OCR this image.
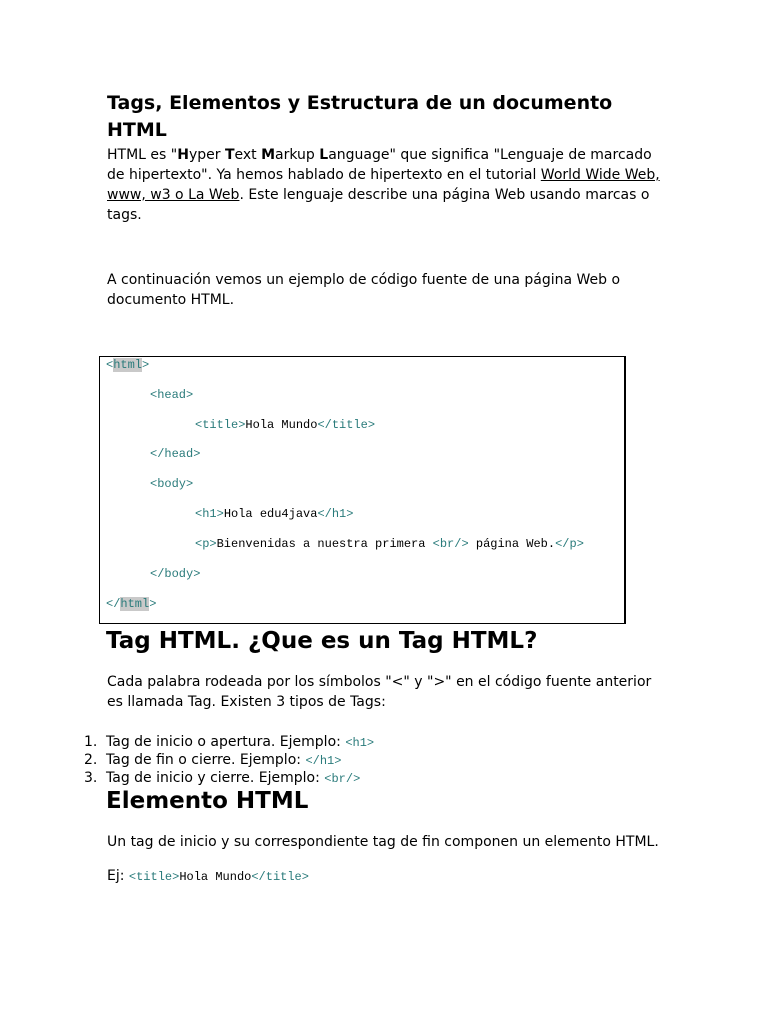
Tags, Elementos y Estructura de un documento HTML

HTML es "Hyper Text Markup Language" que significa "Lenguaje de marcado de hipertexto". Ya hemos hablado de hipertexto en el tutorial World Wide Web, www, w3 o La Web. Este lenguaje describe una página Web usando marcas o tags.

A continuación vemos un ejemplo de código fuente de una página Web o documento HTML.

<html>
<head>
<title>Hola Mundo</title>
</head>
<body>
<h1>Hola edu4java</h1>
<p>Bienvenidas a nuestra primera <br/> página Web.</p>
</body>
</html>
Tag HTML. ¿Que es un Tag HTML?

Cada palabra rodeada por los símbolos "<" y ">" en el código fuente anterior es llamada Tag. Existen 3 tipos de Tags:

1. Tag de inicio o apertura. Ejemplo: <h1>
2. Tag de fin o cierre. Ejemplo: </h1>
3. Tag de inicio y cierre. Ejemplo: <br/>
Elemento HTML

Un tag de inicio y su correspondiente tag de fin componen un elemento HTML.

Ej: <title>Hola Mundo</title>
